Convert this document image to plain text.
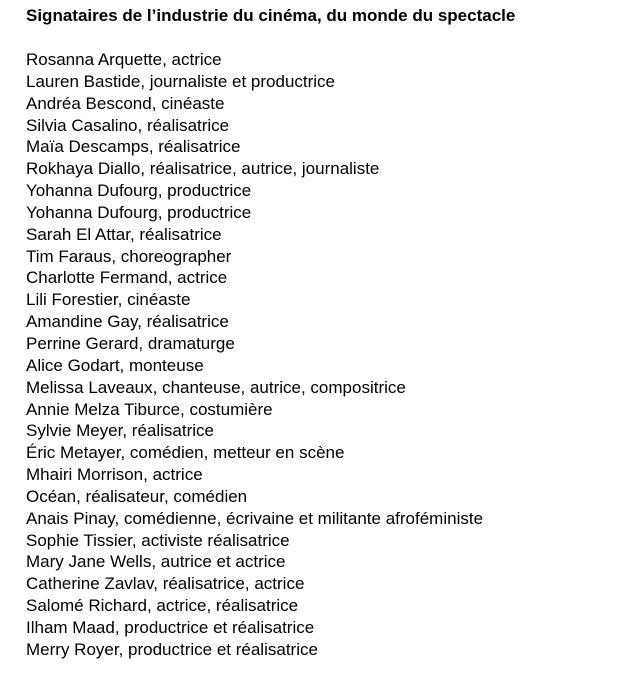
Signataires de l’industrie du cinéma, du monde du spectacle
Rosanna Arquette, actrice
Lauren Bastide, journaliste et productrice
Andréa Bescond, cinéaste
Silvia Casalino, réalisatrice
Maïa Descamps, réalisatrice
Rokhaya Diallo, réalisatrice, autrice, journaliste
Yohanna Dufourg, productrice
Yohanna Dufourg, productrice
Sarah El Attar, réalisatrice
Tim Faraus, choreographer
Charlotte Fermand, actrice
Lili Forestier, cinéaste
Amandine Gay, réalisatrice
Perrine Gerard, dramaturge
Alice Godart, monteuse
Melissa Laveaux, chanteuse, autrice, compositrice
Annie Melza Tiburce, costumière
Sylvie Meyer, réalisatrice
Éric Metayer, comédien, metteur en scène
Mhairi Morrison, actrice
Océan, réalisateur, comédien
Anais Pinay, comédienne, écrivaine et militante afroféministe
Sophie Tissier, activiste réalisatrice
Mary Jane Wells, autrice et actrice
Catherine Zavlav, réalisatrice, actrice
Salomé Richard, actrice, réalisatrice
Ilham Maad, productrice et réalisatrice
Merry Royer, productrice et réalisatrice
